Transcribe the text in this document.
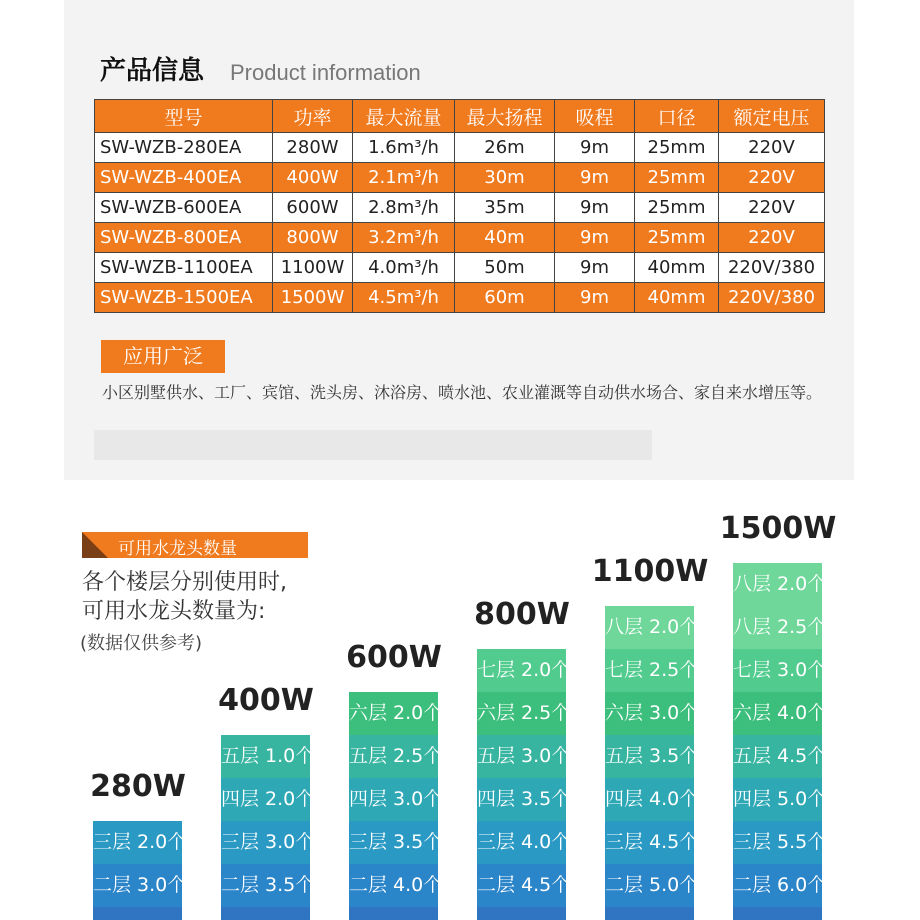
产品信息 Product information
型号	功率	最大流量	最大扬程	吸程	口径	额定电压
SW-WZB-280EA	280W	1.6m³/h	26m	9m	25mm	220V
SW-WZB-400EA	400W	2.1m³/h	30m	9m	25mm	220V
SW-WZB-600EA	600W	2.8m³/h	35m	9m	25mm	220V
SW-WZB-800EA	800W	3.2m³/h	40m	9m	25mm	220V
SW-WZB-1100EA	1100W	4.0m³/h	50m	9m	40mm	220V/380
SW-WZB-1500EA	1500W	4.5m³/h	60m	9m	40mm	220V/380
应用广泛
小区别墅供水、工厂、宾馆、洗头房、沐浴房、喷水池、农业灌溉等自动供水场合、家自来水增压等。
可用水龙头数量
各个楼层分别使用时,
可用水龙头数量为:
(数据仅供参考)
280W
三层 2.0个
二层 3.0个
400W
五层 1.0个
四层 2.0个
三层 3.0个
二层 3.5个
600W
六层 2.0个
五层 2.5个
四层 3.0个
三层 3.5个
二层 4.0个
800W
七层 2.0个
六层 2.5个
五层 3.0个
四层 3.5个
三层 4.0个
二层 4.5个
1100W
八层 2.0个
七层 2.5个
六层 3.0个
五层 3.5个
四层 4.0个
三层 4.5个
二层 5.0个
1500W
八层 2.0个
八层 2.5个
七层 3.0个
六层 4.0个
五层 4.5个
四层 5.0个
三层 5.5个
二层 6.0个
